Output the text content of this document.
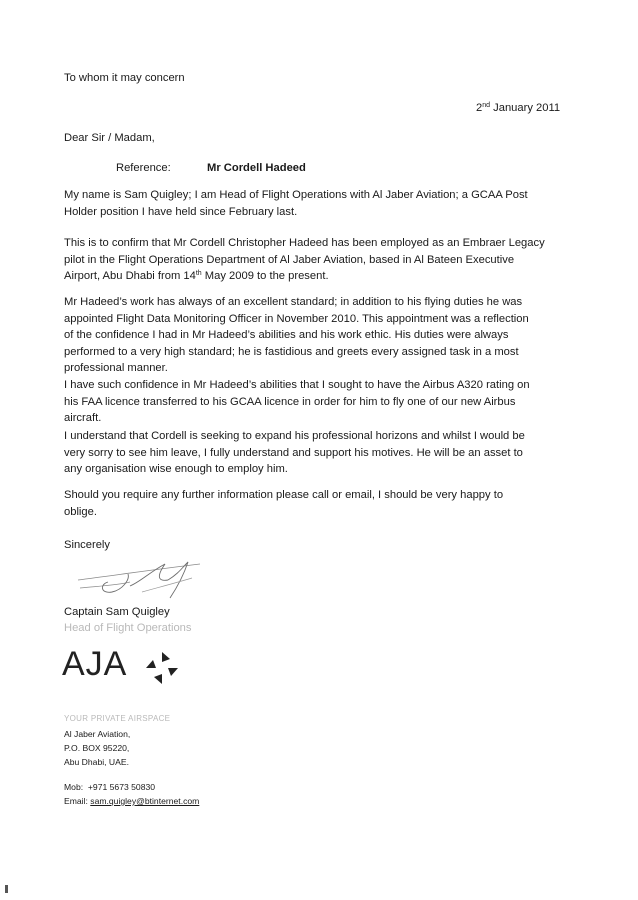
To whom it may concern
2nd January 2011
Dear Sir / Madam,
Reference:	Mr Cordell Hadeed
My name is Sam Quigley; I am Head of Flight Operations with Al Jaber Aviation; a GCAA Post
Holder position I have held since February last.
This is to confirm that Mr Cordell Christopher Hadeed has been employed as an Embraer Legacy
pilot in the Flight Operations Department of Al Jaber Aviation, based in Al Bateen Executive
Airport, Abu Dhabi from 14th May 2009 to the present.
Mr Hadeed’s work has always of an excellent standard; in addition to his flying duties he was
appointed Flight Data Monitoring Officer in November 2010. This appointment was a reflection
of the confidence I had in Mr Hadeed’s abilities and his work ethic. His duties were always
performed to a very high standard; he is fastidious and greets every assigned task in a most
professional manner.
I have such confidence in Mr Hadeed’s abilities that I sought to have the Airbus A320 rating on
his FAA licence transferred to his GCAA licence in order for him to fly one of our new Airbus
aircraft.
I understand that Cordell is seeking to expand his professional horizons and whilst I would be
very sorry to see him leave, I fully understand and support his motives. He will be an asset to
any organisation wise enough to employ him.
Should you require any further information please call or email, I should be very happy to
oblige.
Sincerely
Captain Sam Quigley
Head of Flight Operations
AJA
YOUR PRIVATE AIRSPACE
Al Jaber Aviation,
P.O. BOX 95220,
Abu Dhabi, UAE.
Mob: +971 5673 50830
Email: sam.quigley@btinternet.com
